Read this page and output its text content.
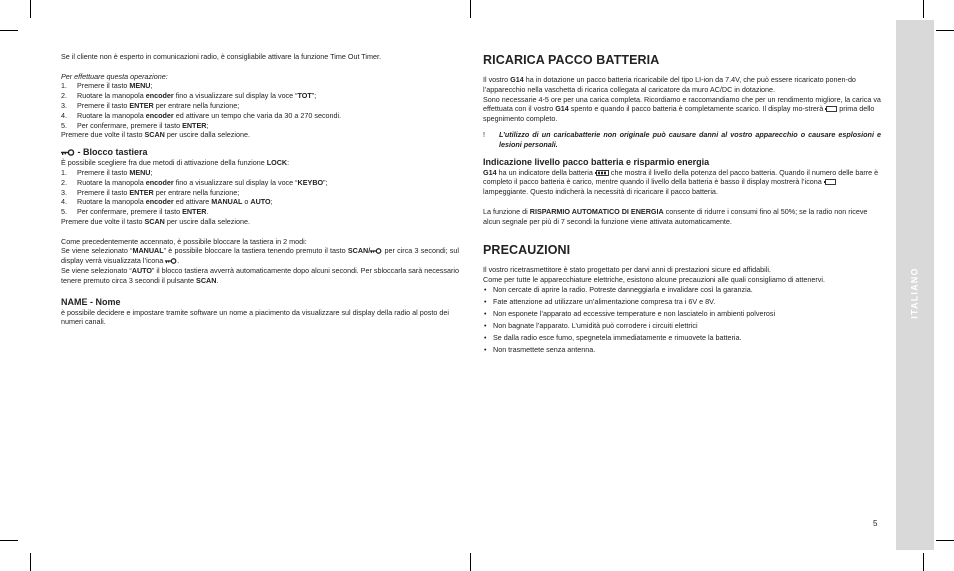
ITALIANO

Se il cliente non è esperto in comunicazioni radio, è consigliabile attivare la funzione Time Out Timer.

Per effettuare questa operazione:

1. Premere il tasto MENU;
2. Ruotare la manopola encoder fino a visualizzare sul display la voce “TOT”;
3. Premere il tasto ENTER per entrare nella funzione;
4. Ruotare la manopola encoder ed attivare un tempo che varia da 30 a 270 secondi.
5. Per confermare, premere il tasto ENTER;

Premere due volte il tasto SCAN per uscire dalla selezione.

- Blocco tastiera

È possibile scegliere fra due metodi di attivazione della funzione LOCK:

1. Premere il tasto MENU;
2. Ruotare la manopola encoder fino a visualizzare sul display la voce “KEYBO”;
3. Premere il tasto ENTER per entrare nella funzione;
4. Ruotare la manopola encoder ed attivare MANUAL o AUTO;
5. Per confermare, premere il tasto ENTER.

Premere due volte il tasto SCAN per uscire dalla selezione.

Come precedentemente accennato, è possibile bloccare la tastiera in 2 modi:

Se viene selezionato “MANUAL” è possibile bloccare la tastiera tenendo premuto il tasto SCAN/ per circa 3 secondi; sul display verrà visualizzata l’icona .

Se viene selezionato “AUTO” il blocco tastiera avverrà automaticamente dopo alcuni secondi. Per sbloccarla sarà necessario tenere premuto circa 3 secondi il pulsante SCAN.

NAME - Nome

è possibile decidere e impostare tramite software un nome a piacimento da visualizzare sul display della radio al posto dei numeri canali.

RICARICA PACCO BATTERIA

Il vostro G14 ha in dotazione un pacco batteria ricaricabile del tipo LI-ion da 7.4V, che può essere ricaricato ponen-do l’apparecchio nella vaschetta di ricarica collegata al caricatore da muro AC/DC in dotazione.

Sono necessarie 4-5 ore per una carica completa. Ricordiamo e raccomandiamo che per un rendimento migliore, la carica va effettuata con il vostro G14 spento e quando il pacco batteria è completamente scarico. Il display mo-strerà  prima dello spegnimento completo.

! L’utilizzo di un caricabatterie non originale può causare danni al vostro apparecchio o causare esplosioni e lesioni personali.
Indicazione livello pacco batteria e risparmio energia

G14 ha un indicatore della batteria  che mostra il livello della potenza del pacco batteria. Quando il numero delle barre è completo il pacco batteria è carico, mentre quando il livello della batteria è basso il display mostrerà l’icona  lampeggiante. Questo indicherà la necessità di ricaricare il pacco batteria.

La funzione di RISPARMIO AUTOMATICO DI ENERGIA consente di ridurre i consumi fino al 50%; se la radio non riceve alcun segnale per più di 7 secondi la funzione viene attivata automaticamente.

PRECAUZIONI

Il vostro ricetrasmettitore è stato progettato per darvi anni di prestazioni sicure ed affidabili.

Come per tutte le apparecchiature elettriche, esistono alcune precauzioni alle quali consigliamo di attenervi.

• Non cercate di aprire la radio. Potreste danneggiarla e invalidare così la garanzia.
• Fate attenzione ad utilizzare un’alimentazione compresa tra i 6V e 8V.
• Non esponete l’apparato ad eccessive temperature e non lasciatelo in ambienti polverosi
• Non bagnate l’apparato. L’umidità può corrodere i circuiti elettrici
• Se dalla radio esce fumo, spegnetela immediatamente e rimuovete la batteria.
• Non trasmettete senza antenna.
5
